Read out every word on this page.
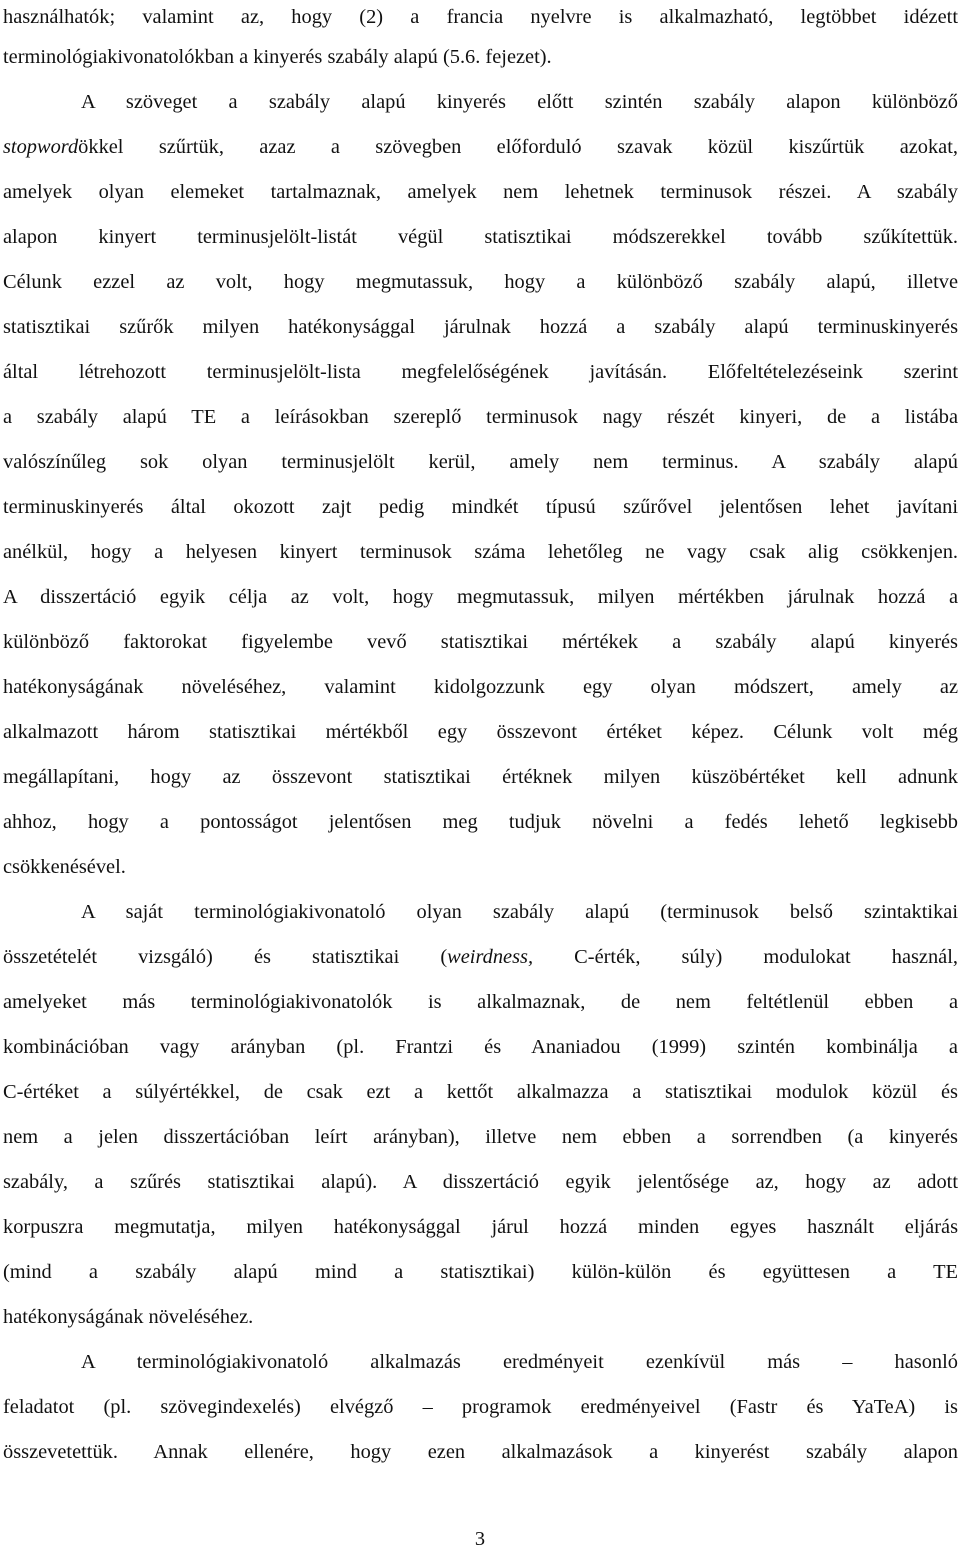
használhatók; valamint az, hogy (2) a francia nyelvre is alkalmazható, legtöbbet idézett
terminológiakivonatolókban a kinyerés szabály alapú (5.6. fejezet).
A szöveget a szabály alapú kinyerés előtt szintén szabály alapon különböző
stopwordökkel szűrtük, azaz a szövegben előforduló szavak közül kiszűrtük azokat,
amelyek olyan elemeket tartalmaznak, amelyek nem lehetnek terminusok részei. A szabály
alapon kinyert terminusjelölt-listát végül statisztikai módszerekkel tovább szűkítettük.
Célunk ezzel az volt, hogy megmutassuk, hogy a különböző szabály alapú, illetve
statisztikai szűrők milyen hatékonysággal járulnak hozzá a szabály alapú terminuskinyerés
által létrehozott terminusjelölt-lista megfelelőségének javításán. Előfeltételezéseink szerint
a szabály alapú TE a leírásokban szereplő terminusok nagy részét kinyeri, de a listába
valószínűleg sok olyan terminusjelölt kerül, amely nem terminus. A szabály alapú
terminuskinyerés által okozott zajt pedig mindkét típusú szűrővel jelentősen lehet javítani
anélkül, hogy a helyesen kinyert terminusok száma lehetőleg ne vagy csak alig csökkenjen.
A disszertáció egyik célja az volt, hogy megmutassuk, milyen mértékben járulnak hozzá a
különböző faktorokat figyelembe vevő statisztikai mértékek a szabály alapú kinyerés
hatékonyságának növeléséhez, valamint kidolgozzunk egy olyan módszert, amely az
alkalmazott három statisztikai mértékből egy összevont értéket képez. Célunk volt még
megállapítani, hogy az összevont statisztikai értéknek milyen küszöbértéket kell adnunk
ahhoz, hogy a pontosságot jelentősen meg tudjuk növelni a fedés lehető legkisebb
csökkenésével.
A saját terminológiakivonatoló olyan szabály alapú (terminusok belső szintaktikai
összetételét vizsgáló) és statisztikai (weirdness, C-érték, súly) modulokat használ,
amelyeket más terminológiakivonatolók is alkalmaznak, de nem feltétlenül ebben a
kombinációban vagy arányban (pl. Frantzi és Ananiadou (1999) szintén kombinálja a
C-értéket a súlyértékkel, de csak ezt a kettőt alkalmazza a statisztikai modulok közül és
nem a jelen disszertációban leírt arányban), illetve nem ebben a sorrendben (a kinyerés
szabály, a szűrés statisztikai alapú). A disszertáció egyik jelentősége az, hogy az adott
korpuszra megmutatja, milyen hatékonysággal járul hozzá minden egyes használt eljárás
(mind a szabály alapú mind a statisztikai) külön-külön és együttesen a TE
hatékonyságának növeléséhez.
A terminológiakivonatoló alkalmazás eredményeit ezenkívül más – hasonló
feladatot (pl. szövegindexelés) elvégző – programok eredményeivel (Fastr és YaTeA) is
összevetettük. Annak ellenére, hogy ezen alkalmazások a kinyerést szabály alapon
3
